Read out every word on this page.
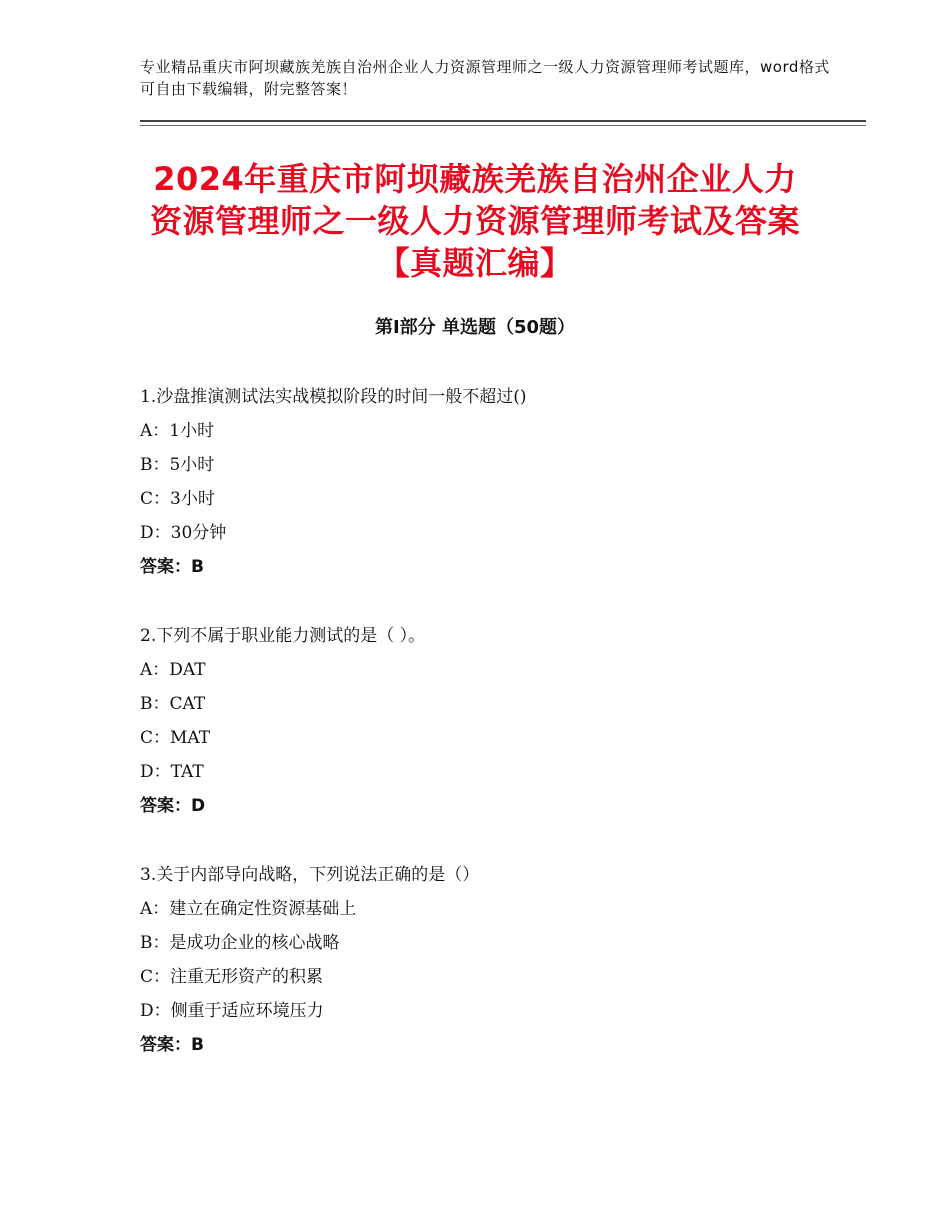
专业精品重庆市阿坝藏族羌族自治州企业人力资源管理师之一级人力资源管理师考试题库，word格式可自由下载编辑，附完整答案！
2024年重庆市阿坝藏族羌族自治州企业人力资源管理师之一级人力资源管理师考试及答案【真题汇编】
第Ⅰ部分 单选题（50题）
1.沙盘推演测试法实战模拟阶段的时间一般不超过()
A：1小时
B：5小时
C：3小时
D：30分钟
答案：B
2.下列不属于职业能力测试的是（ ）。
A：DAT
B：CAT
C：MAT
D：TAT
答案：D
3.关于内部导向战略，下列说法正确的是（）
A：建立在确定性资源基础上
B：是成功企业的核心战略
C：注重无形资产的积累
D：侧重于适应环境压力
答案：B
